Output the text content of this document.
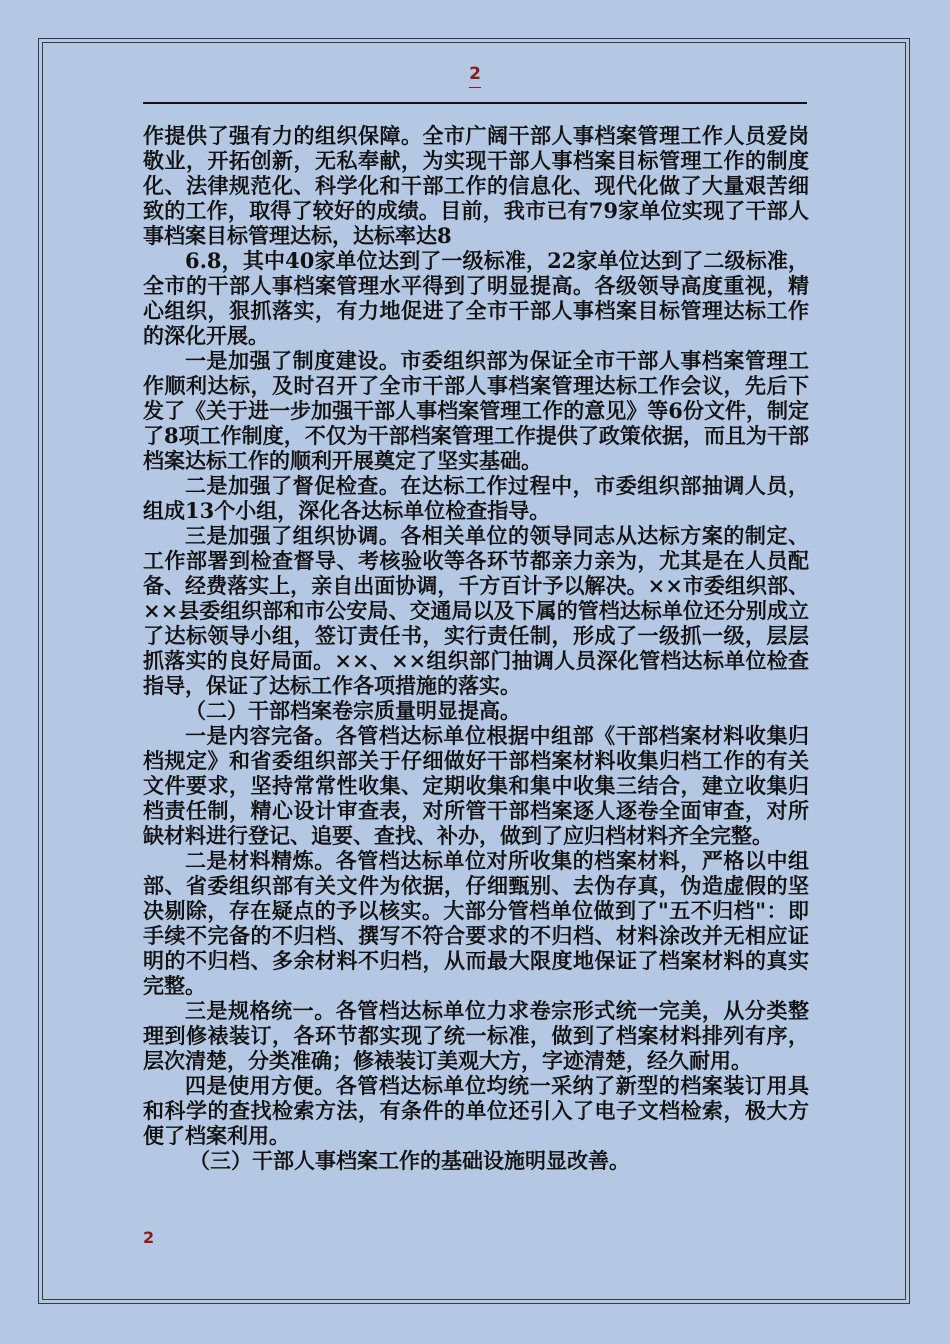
2

作提供了强有力的组织保障。全市广阔干部人事档案管理工作人员爱岗敬业，开拓创新，无私奉献，为实现干部人事档案目标管理工作的制度化、法律规范化、科学化和干部工作的信息化、现代化做了大量艰苦细致的工作，取得了较好的成绩。目前，我市已有79家单位实现了干部人事档案目标管理达标，达标率达8

6.8，其中40家单位达到了一级标准，22家单位达到了二级标准，全市的干部人事档案管理水平得到了明显提高。各级领导高度重视，精心组织，狠抓落实，有力地促进了全市干部人事档案目标管理达标工作的深化开展。

一是加强了制度建设。市委组织部为保证全市干部人事档案管理工作顺利达标，及时召开了全市干部人事档案管理达标工作会议，先后下发了《关于进一步加强干部人事档案管理工作的意见》等6份文件，制定了8项工作制度，不仅为干部档案管理工作提供了政策依据，而且为干部档案达标工作的顺利开展奠定了坚实基础。

二是加强了督促检查。在达标工作过程中，市委组织部抽调人员，组成13个小组，深化各达标单位检查指导。

三是加强了组织协调。各相关单位的领导同志从达标方案的制定、工作部署到检查督导、考核验收等各环节都亲力亲为，尤其是在人员配备、经费落实上，亲自出面协调，千方百计予以解决。××市委组织部、××县委组织部和市公安局、交通局以及下属的管档达标单位还分别成立了达标领导小组，签订责任书，实行责任制，形成了一级抓一级，层层抓落实的良好局面。××、××组织部门抽调人员深化管档达标单位检查指导，保证了达标工作各项措施的落实。

（二）干部档案卷宗质量明显提高。

一是内容完备。各管档达标单位根据中组部《干部档案材料收集归档规定》和省委组织部关于仔细做好干部档案材料收集归档工作的有关文件要求，坚持常常性收集、定期收集和集中收集三结合，建立收集归档责任制，精心设计审查表，对所管干部档案逐人逐卷全面审查，对所缺材料进行登记、追要、查找、补办，做到了应归档材料齐全完整。

二是材料精炼。各管档达标单位对所收集的档案材料，严格以中组部、省委组织部有关文件为依据，仔细甄别、去伪存真，伪造虚假的坚决剔除，存在疑点的予以核实。大部分管档单位做到了"五不归档"：即手续不完备的不归档、撰写不符合要求的不归档、材料涂改并无相应证明的不归档、多余材料不归档，从而最大限度地保证了档案材料的真实完整。

三是规格统一。各管档达标单位力求卷宗形式统一完美，从分类整理到修裱装订，各环节都实现了统一标准，做到了档案材料排列有序，层次清楚，分类准确；修裱装订美观大方，字迹清楚，经久耐用。

四是使用方便。各管档达标单位均统一采纳了新型的档案装订用具和科学的查找检索方法，有条件的单位还引入了电子文档检索，极大方便了档案利用。

（三）干部人事档案工作的基础设施明显改善。

2
